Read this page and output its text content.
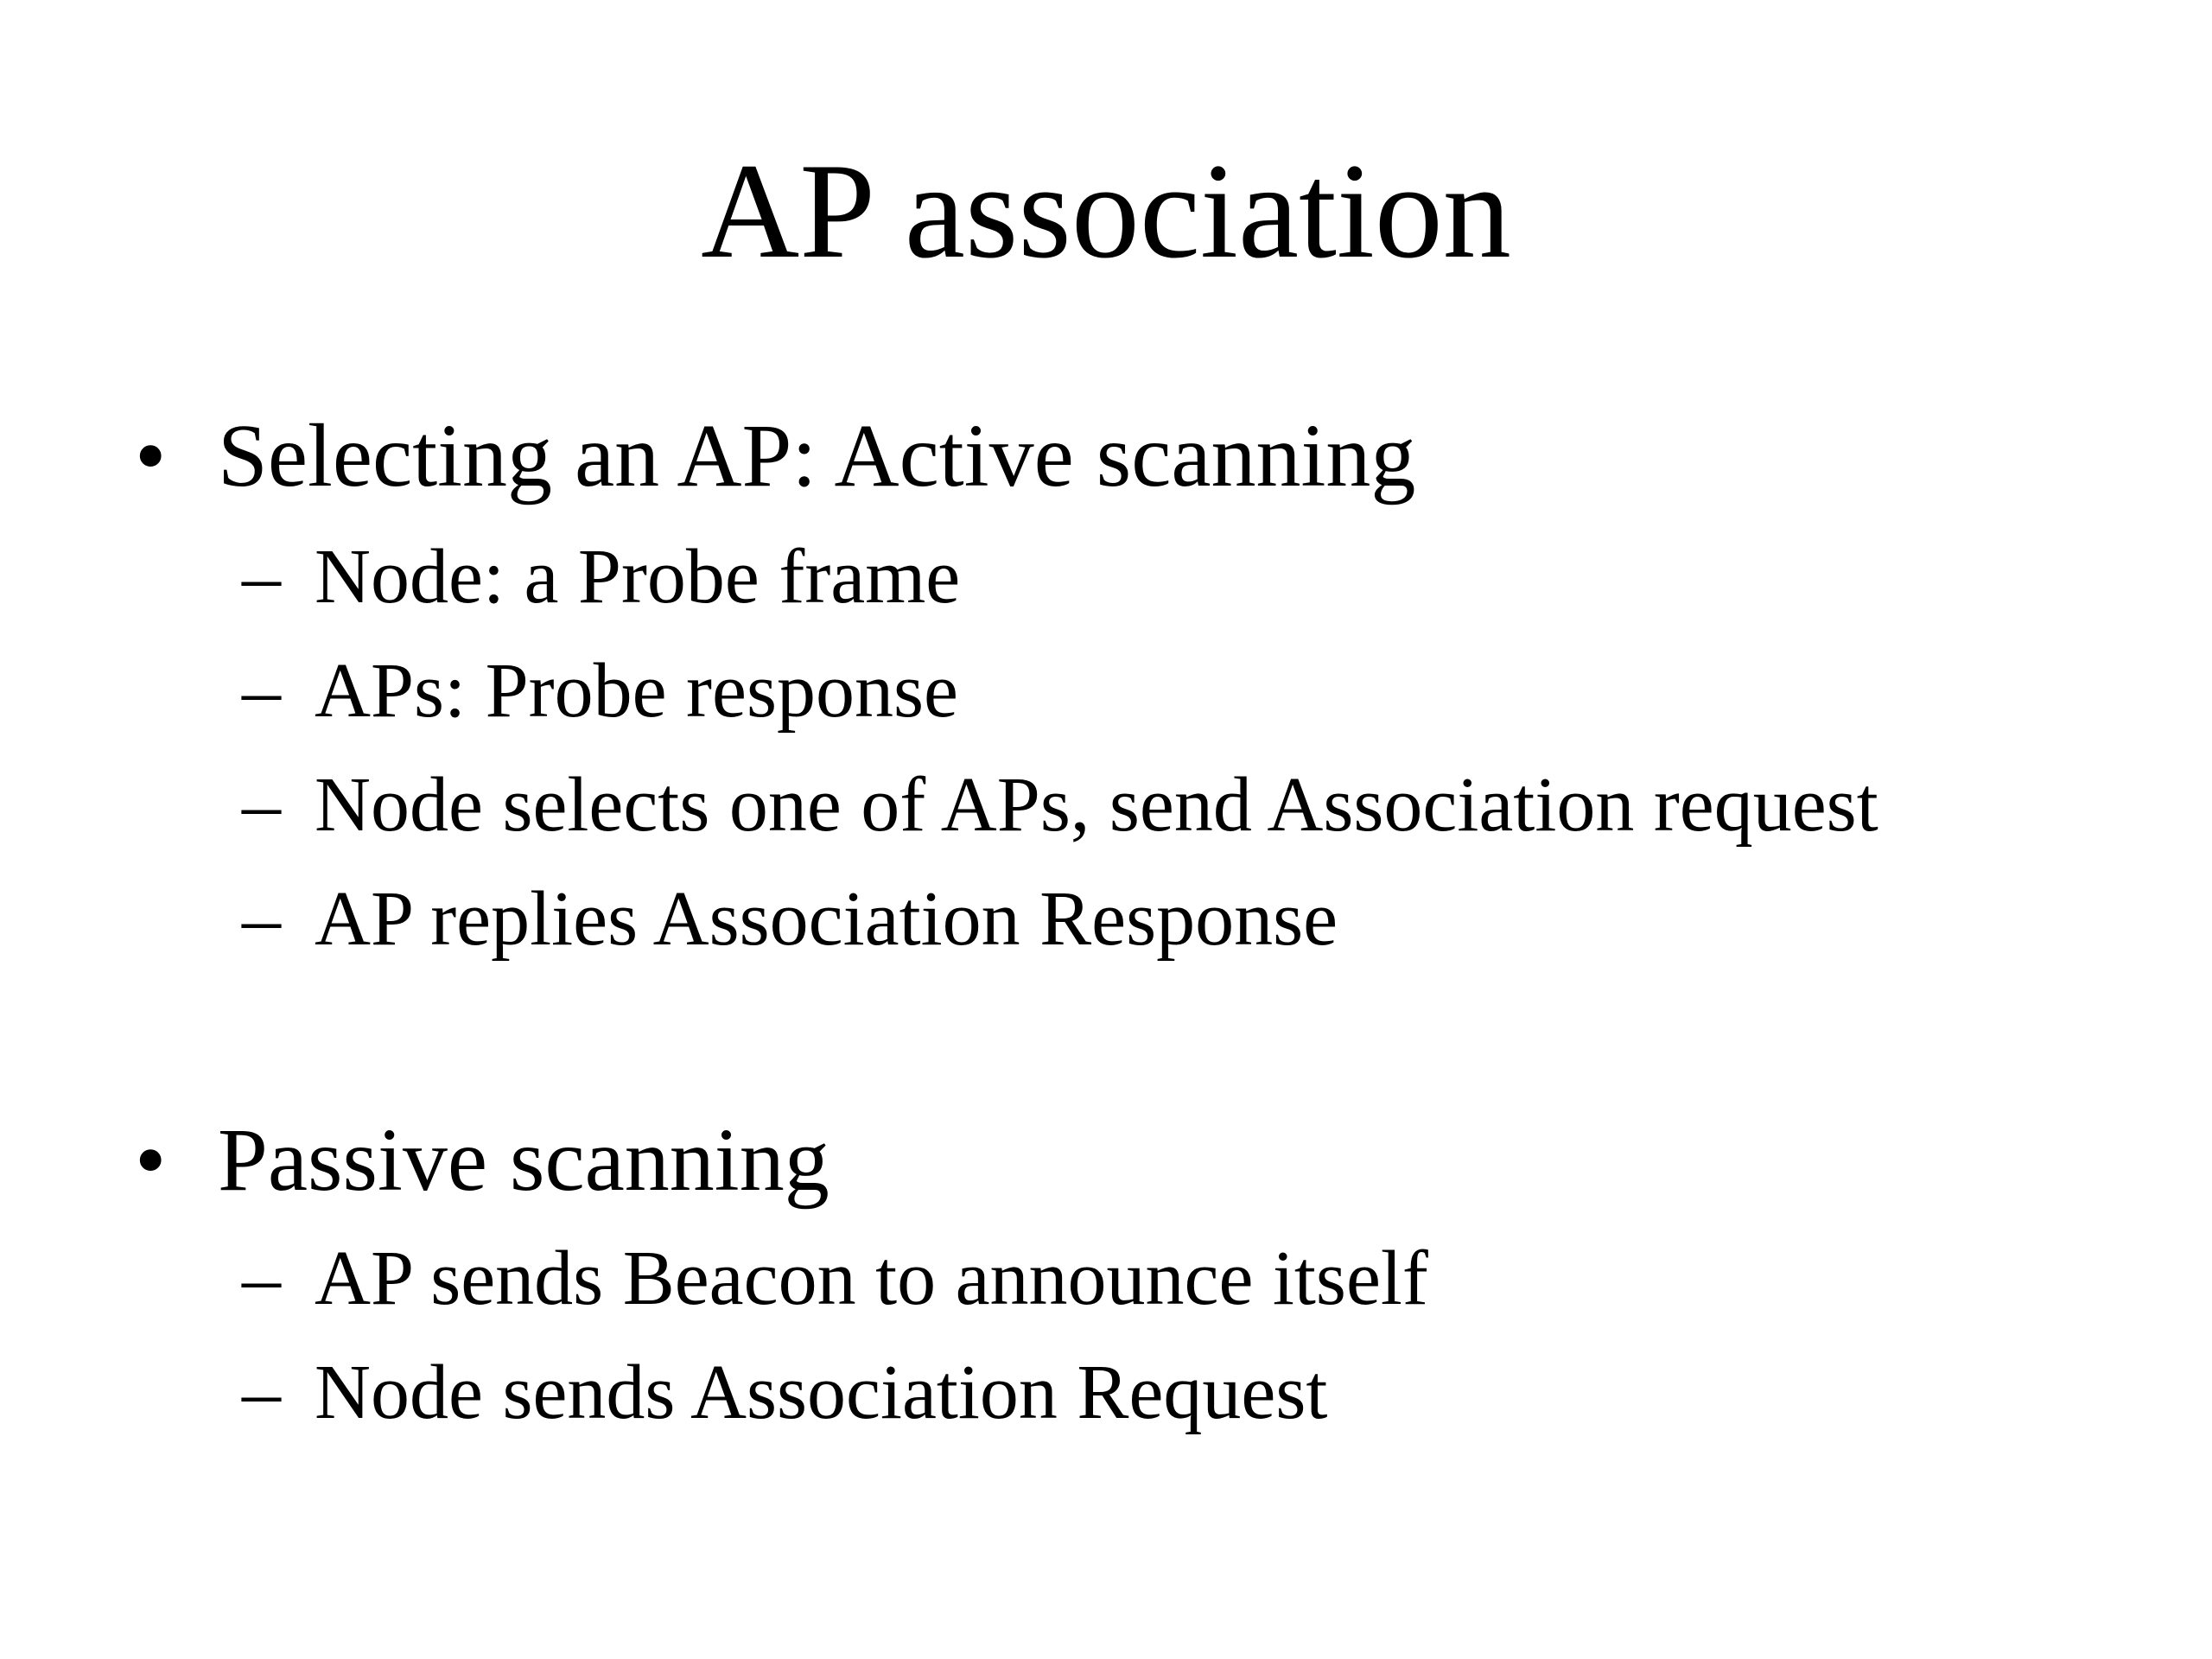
AP association
• Selecting an AP: Active scanning
– Node: a Probe frame
– APs: Probe response
– Node selects one of APs, send Association request
– AP replies Association Response
• Passive scanning
– AP sends Beacon to announce itself
– Node sends Association Request
